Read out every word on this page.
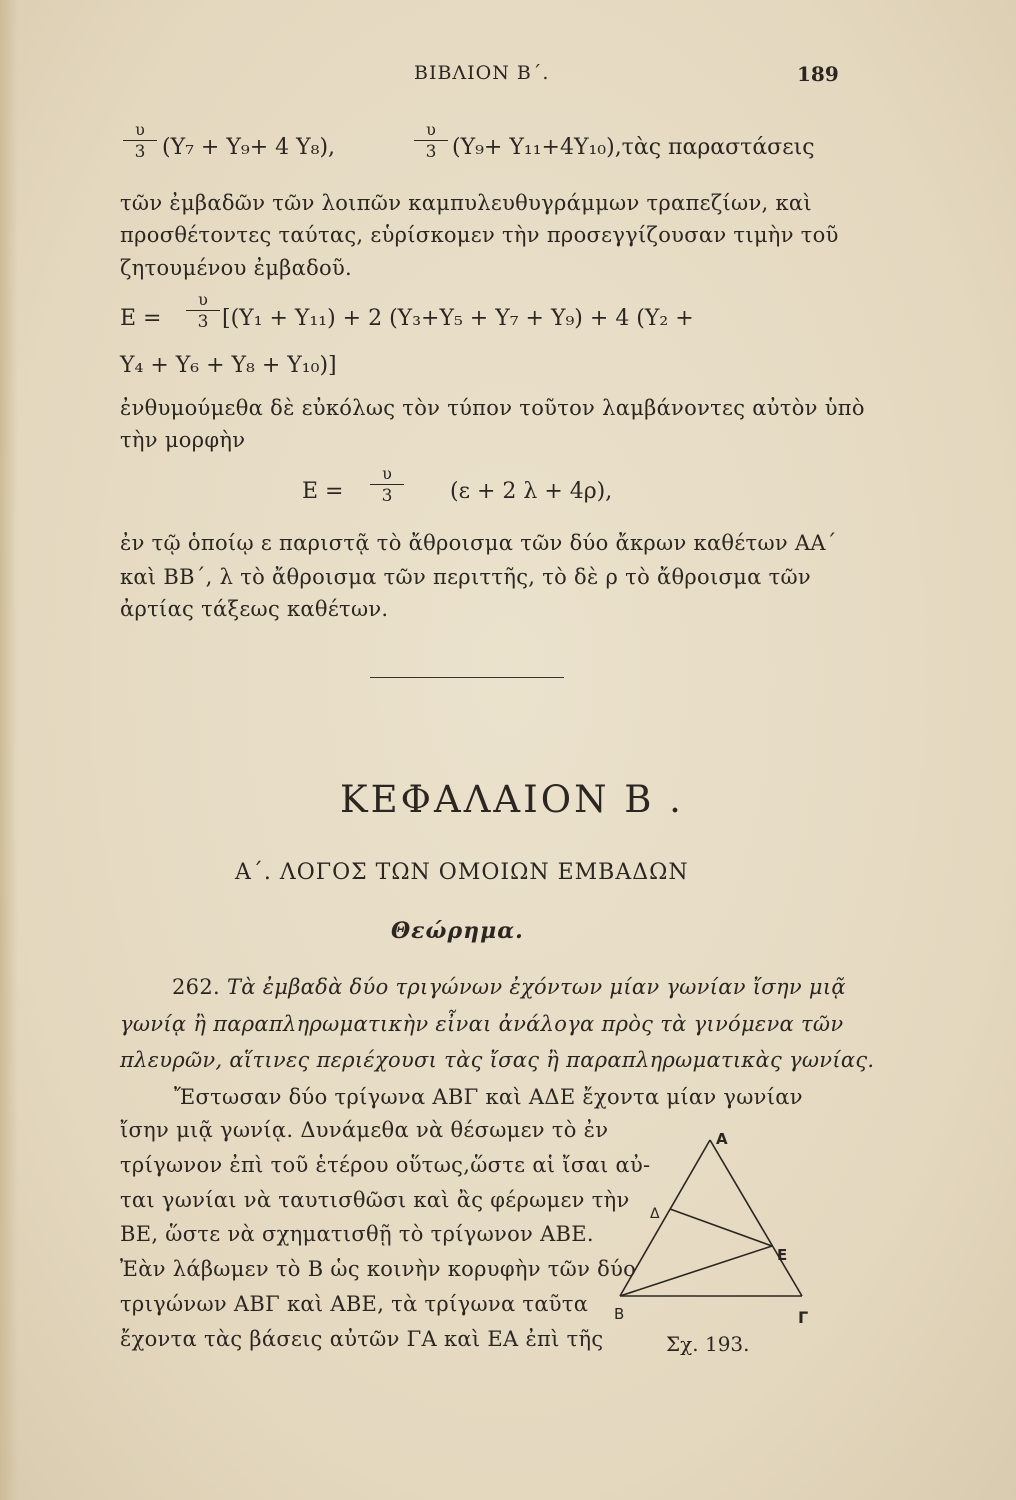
ΒΙΒΛΙΟΝ Β΄.	189
υ
3 (Υ₇ + Υ₉+ 4 Υ₈),
υ
3 (Υ₉+ Υ₁₁+4Υ₁₀),τὰς παραστάσεις
τῶν ἐμβαδῶν τῶν λοιπῶν καμπυλευθυγράμμων τραπεζίων, καὶ
προσθέτοντες ταύτας, εὑρίσκομεν τὴν προσεγγίζουσαν τιμὴν τοῦ
ζητουμένου ἐμβαδοῦ.
E =
υ
3 [(Υ₁ + Υ₁₁) + 2 (Υ₃+Υ₅ + Υ₇ + Υ₉) + 4 (Υ₂ +
Υ₄ + Υ₆ + Υ₈ + Υ₁₀)]
ἐνθυμούμεθα δὲ εὐκόλως τὸν τύπον τοῦτον λαμβάνοντες αὐτὸν ὑπὸ
τὴν μορφὴν
E =
υ
3	(ε + 2 λ + 4ρ),
ἐν τῷ ὁποίῳ ε παριστᾷ τὸ ἄθροισμα τῶν δύο ἄκρων καθέτων ΑΑ΄
καὶ ΒΒ΄, λ τὸ ἄθροισμα τῶν περιττῆς, τὸ δὲ ρ τὸ ἄθροισμα τῶν
ἀρτίας τάξεως καθέτων.
ΚΕΦΑΛΑΙΟΝ Β .
Α΄. ΛΟΓΟΣ ΤΩΝ ΟΜΟΙΩΝ ΕΜΒΑΔΩΝ
Θεώρημα.
262. Τὰ ἐμβαδὰ δύο τριγώνων ἐχόντων μίαν γωνίαν ἴσην μιᾷ
γωνίᾳ ἢ παραπληρωματικὴν εἶναι ἀνάλογα πρὸς τὰ γινόμενα τῶν
πλευρῶν, αἵτινες περιέχουσι τὰς ἴσας ἢ παραπληρωματικὰς γωνίας.
Ἔστωσαν δύο τρίγωνα ΑΒΓ καὶ ΑΔΕ ἔχοντα μίαν γωνίαν
ἴσην μιᾷ γωνίᾳ. Δυνάμεθα νὰ θέσωμεν τὸ ἐν
τρίγωνον ἐπὶ τοῦ ἑτέρου οὕτως,ὥστε αἱ ἴσαι αὐ-
ται γωνίαι νὰ ταυτισθῶσι καὶ ἂς φέρωμεν τὴν
ΒΕ, ὥστε νὰ σχηματισθῇ τὸ τρίγωνον ΑΒΕ.
Ἐὰν λάβωμεν τὸ Β ὡς κοινὴν κορυφὴν τῶν δύο
τριγώνων ΑΒΓ καὶ ΑΒΕ, τὰ τρίγωνα ταῦτα
ἔχοντα τὰς βάσεις αὐτῶν ΓΑ καὶ ΕΑ ἐπὶ τῆς
Α
Δ
Ε
Β	Γ
Σχ. 193.
